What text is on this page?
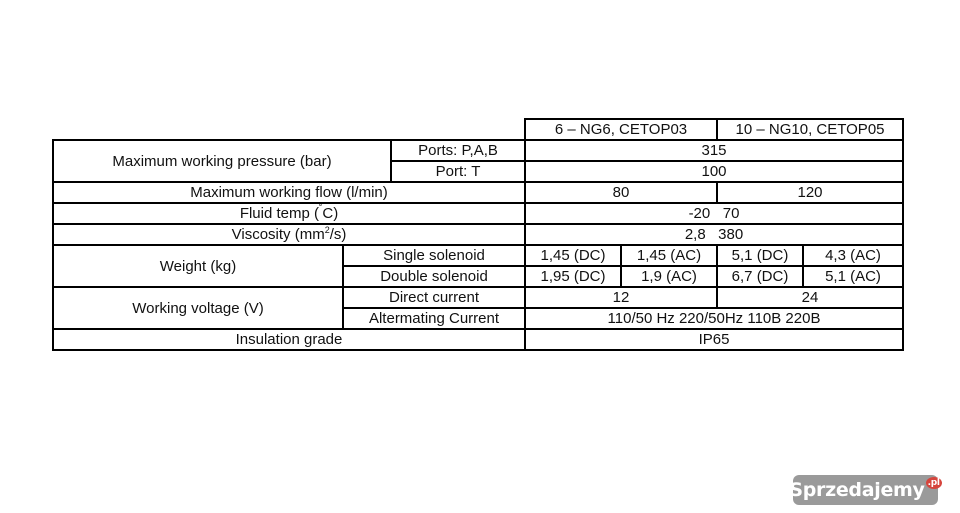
			6 – NG6, CETOP03		10 – NG10, CETOP05	
Maximum working pressure (bar)		Ports: P,A,B	315			
		Port: T	100			
Maximum working flow (l/min)			80		120	
Fluid temp (˚C)			-20   70			
Viscosity $(mm^2/s)$			2,8   380			
Weight (kg)	Single solenoid		1,45 (DC)	1,45 (AC)	5,1 (DC)	4,3 (AC)
	Double solenoid		1,95 (DC)	1,9 (AC)	6,7 (DC)	5,1 (AC)
Working voltage (V)	Direct current		12		24	
	Altermating Current		110/50 Hz 220/50Hz 110B 220B			
Insulation grade			IP65			
Sprzedajemy .pl
